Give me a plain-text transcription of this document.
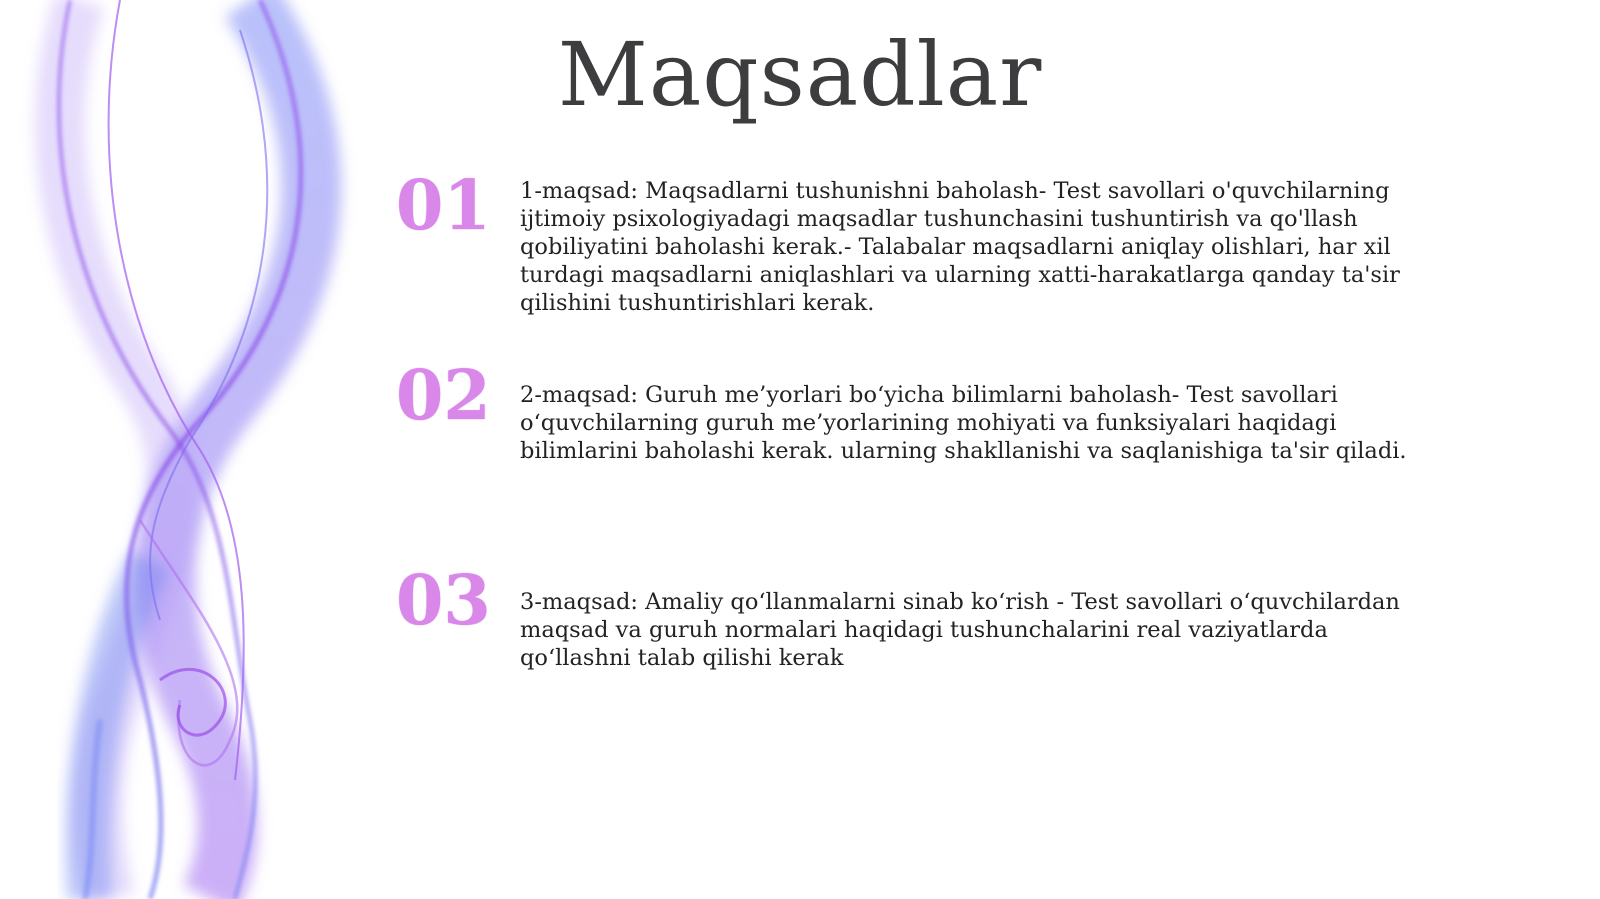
Maqsadlar
01 1-maqsad: Maqsadlarni tushunishni baholash- Test savollari o'quvchilarning ijtimoiy psixologiyadagi maqsadlar tushunchasini tushuntirish va qo'llash qobiliyatini baholashi kerak.- Talabalar maqsadlarni aniqlay olishlari, har xil turdagi maqsadlarni aniqlashlari va ularning xatti-harakatlarga qanday ta'sir qilishini tushuntirishlari kerak.
02 2-maqsad: Guruh me’yorlari bo‘yicha bilimlarni baholash- Test savollari o‘quvchilarning guruh me’yorlarining mohiyati va funksiyalari haqidagi bilimlarini baholashi kerak. ularning shakllanishi va saqlanishiga ta'sir qiladi.
03 3-maqsad: Amaliy qo‘llanmalarni sinab ko‘rish - Test savollari o‘quvchilardan maqsad va guruh normalari haqidagi tushunchalarini real vaziyatlarda qo‘llashni talab qilishi kerak
